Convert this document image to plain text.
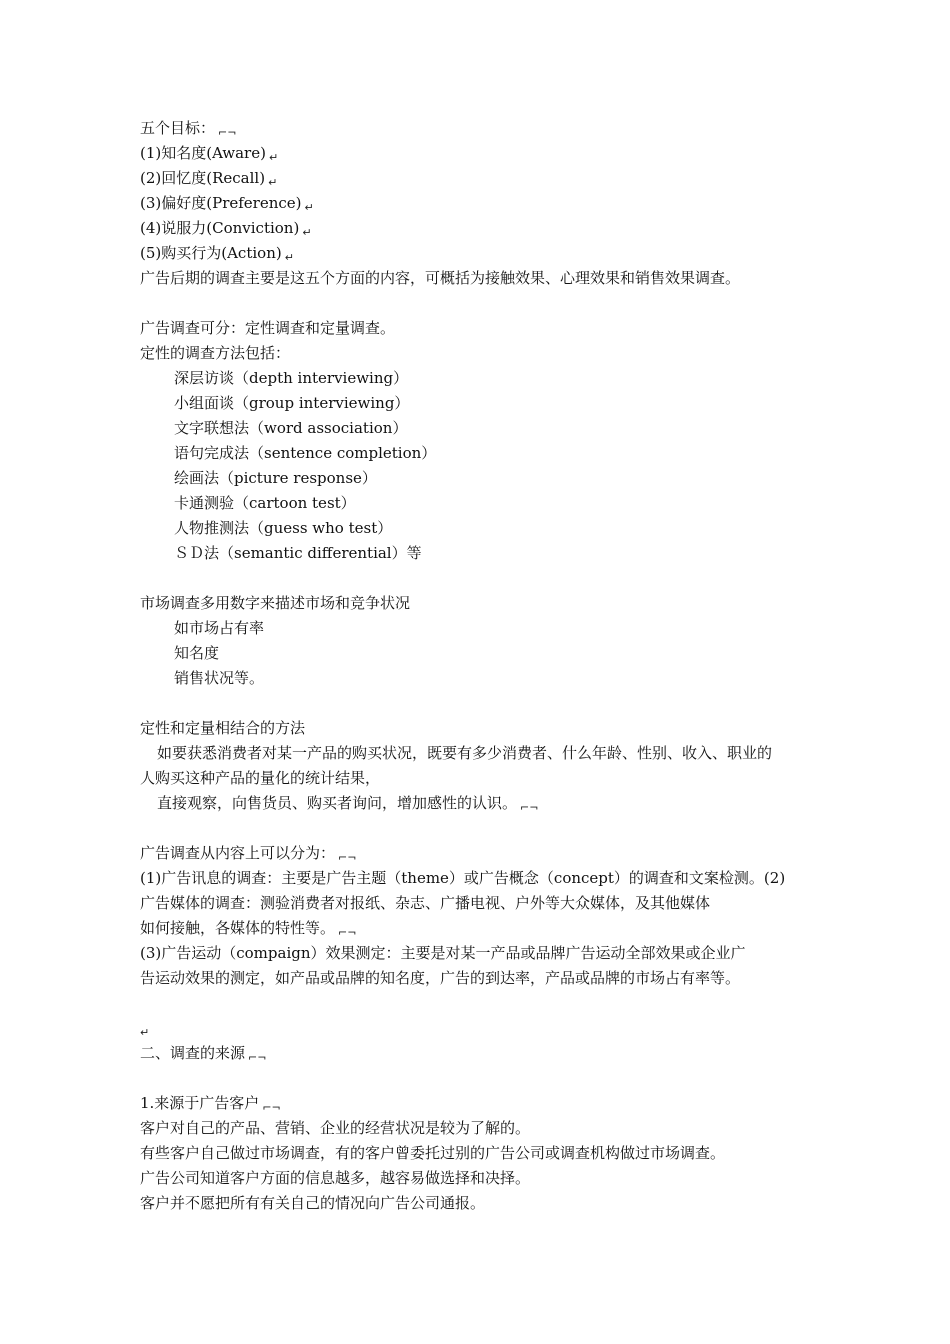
五个目标： ⌐¬
(1)知名度(Aware) ↵
(2)回忆度(Recall) ↵
(3)偏好度(Preference) ↵
(4)说服力(Conviction) ↵
(5)购买行为(Action) ↵
广告后期的调查主要是这五个方面的内容，可概括为接触效果、心理效果和销售效果调查。
广告调查可分：定性调查和定量调查。
定性的调查方法包括：
深层访谈（depth interviewing）
小组面谈（group interviewing）
文字联想法（word association）
语句完成法（sentence completion）
绘画法（picture response）
卡通测验（cartoon test）
人物推测法（guess who test）
ＳＤ法（semantic differential）等
市场调查多用数字来描述市场和竞争状况
如市场占有率
知名度
销售状况等。
定性和定量相结合的方法
如要获悉消费者对某一产品的购买状况，既要有多少消费者、什么年龄、性别、收入、职业的
人购买这种产品的量化的统计结果，
直接观察，向售货员、购买者询问，增加感性的认识。 ⌐¬
广告调查从内容上可以分为： ⌐¬
(1)广告讯息的调查：主要是广告主题（theme）或广告概念（concept）的调查和文案检测。(2)
广告媒体的调查：测验消费者对报纸、杂志、广播电视、户外等大众媒体，及其他媒体
如何接触，各媒体的特性等。 ⌐¬
(3)广告运动（compaign）效果测定：主要是对某一产品或品牌广告运动全部效果或企业广
告运动效果的测定，如产品或品牌的知名度，广告的到达率，产品或品牌的市场占有率等。
↵
二、调查的来源 ⌐¬
1.来源于广告客户 ⌐¬
客户对自己的产品、营销、企业的经营状况是较为了解的。
有些客户自己做过市场调查，有的客户曾委托过别的广告公司或调查机构做过市场调查。
广告公司知道客户方面的信息越多，越容易做选择和决择。
客户并不愿把所有有关自己的情况向广告公司通报。
